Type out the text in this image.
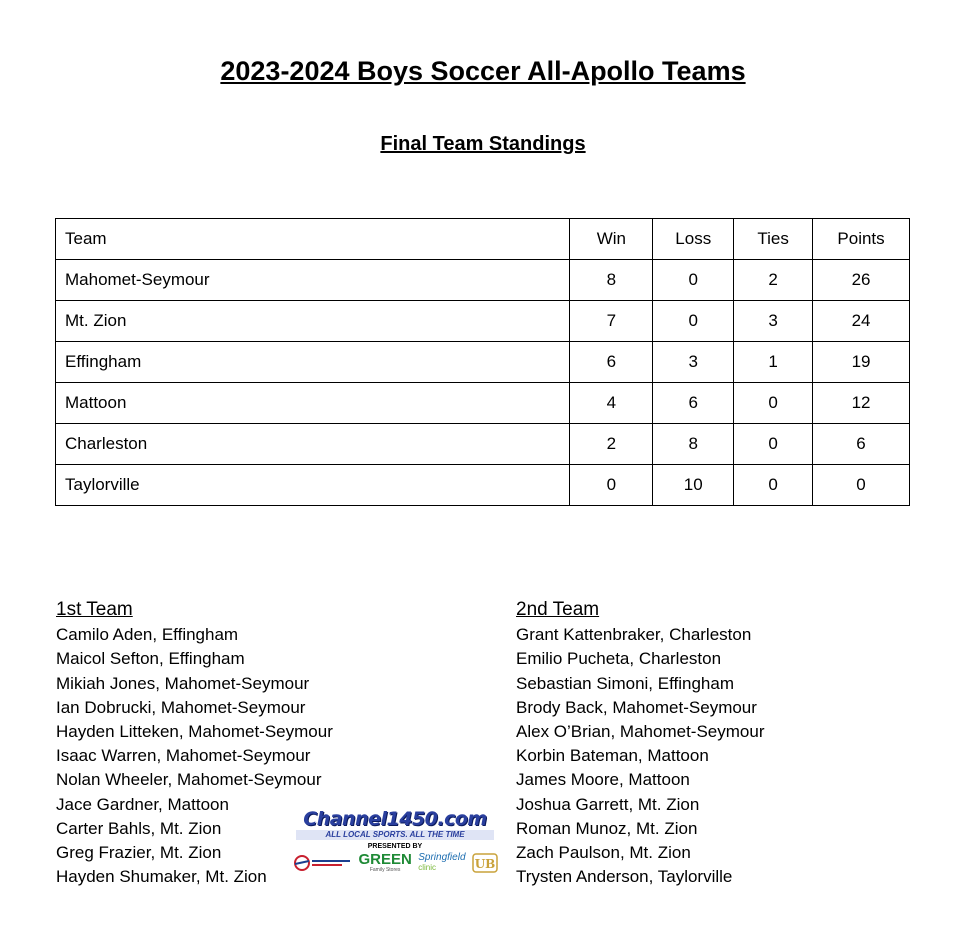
2023-2024 Boys Soccer All-Apollo Teams
Final Team Standings
Team	Win	Loss	Ties	Points
Mahomet-Seymour	8	0	2	26
Mt. Zion	7	0	3	24
Effingham	6	3	1	19
Mattoon	4	6	0	12
Charleston	2	8	0	6
Taylorville	0	10	0	0
1st Team
Camilo Aden, Effingham
Maicol Sefton, Effingham
Mikiah Jones, Mahomet-Seymour
Ian Dobrucki, Mahomet-Seymour
Hayden Litteken, Mahomet-Seymour
Isaac Warren, Mahomet-Seymour
Nolan Wheeler, Mahomet-Seymour
Jace Gardner, Mattoon
Carter Bahls, Mt. Zion
Greg Frazier, Mt. Zion
Hayden Shumaker, Mt. Zion
2nd Team
Grant Kattenbraker, Charleston
Emilio Pucheta, Charleston
Sebastian Simoni, Effingham
Brody Back, Mahomet-Seymour
Alex O’Brian, Mahomet-Seymour
Korbin Bateman, Mattoon
James Moore, Mattoon
Joshua Garrett, Mt. Zion
Roman Munoz, Mt. Zion
Zach Paulson, Mt. Zion
Trysten Anderson, Taylorville
Channel1450.com
ALL LOCAL SPORTS. ALL THE TIME
PRESENTED BY
GREEN
Family Stores
Springfield
clinic	UB
